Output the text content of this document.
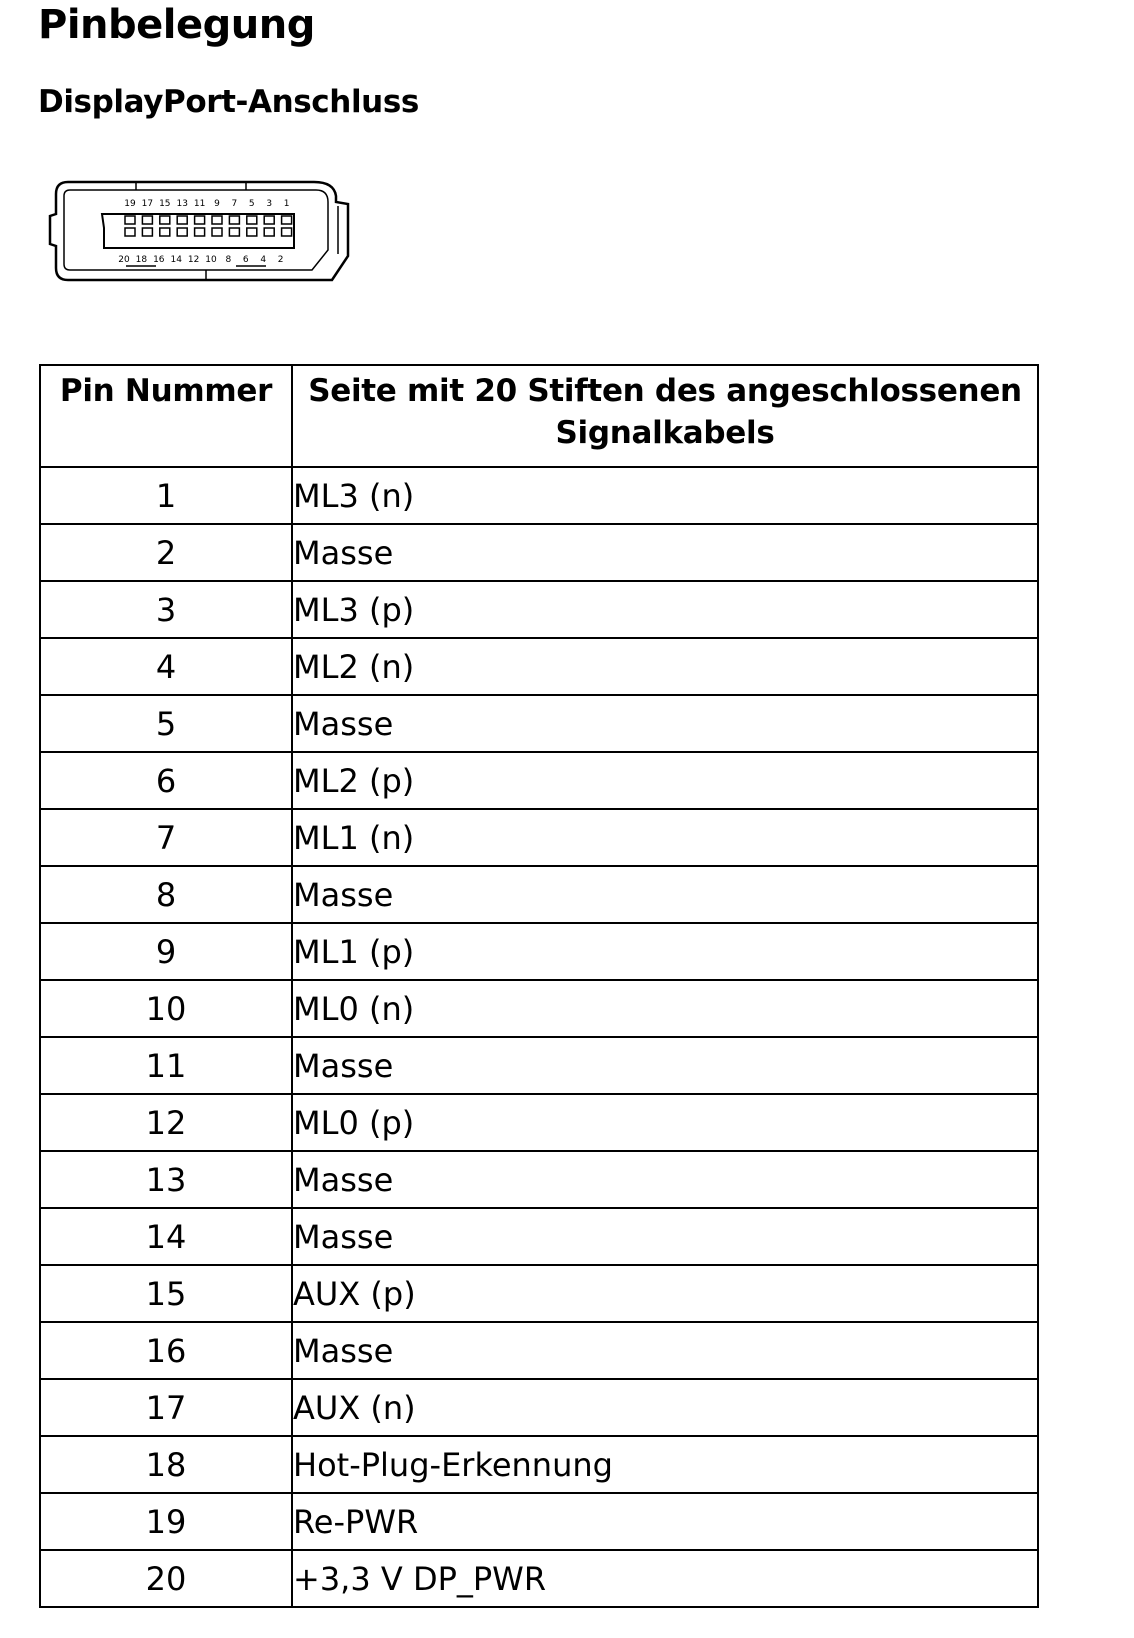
Pinbelegung
DisplayPort-Anschluss
19 17 15 13 11 9 7 5 3 1
20 18 16 14 12 10 8 6 4 2
Pin Nummer	Seite mit 20 Stiften des angeschlossenen Signalkabels
1	ML3 (n)
2	Masse
3	ML3 (p)
4	ML2 (n)
5	Masse
6	ML2 (p)
7	ML1 (n)
8	Masse
9	ML1 (p)
10	ML0 (n)
11	Masse
12	ML0 (p)
13	Masse
14	Masse
15	AUX (p)
16	Masse
17	AUX (n)
18	Hot-Plug-Erkennung
19	Re-PWR
20	+3,3 V DP_PWR
